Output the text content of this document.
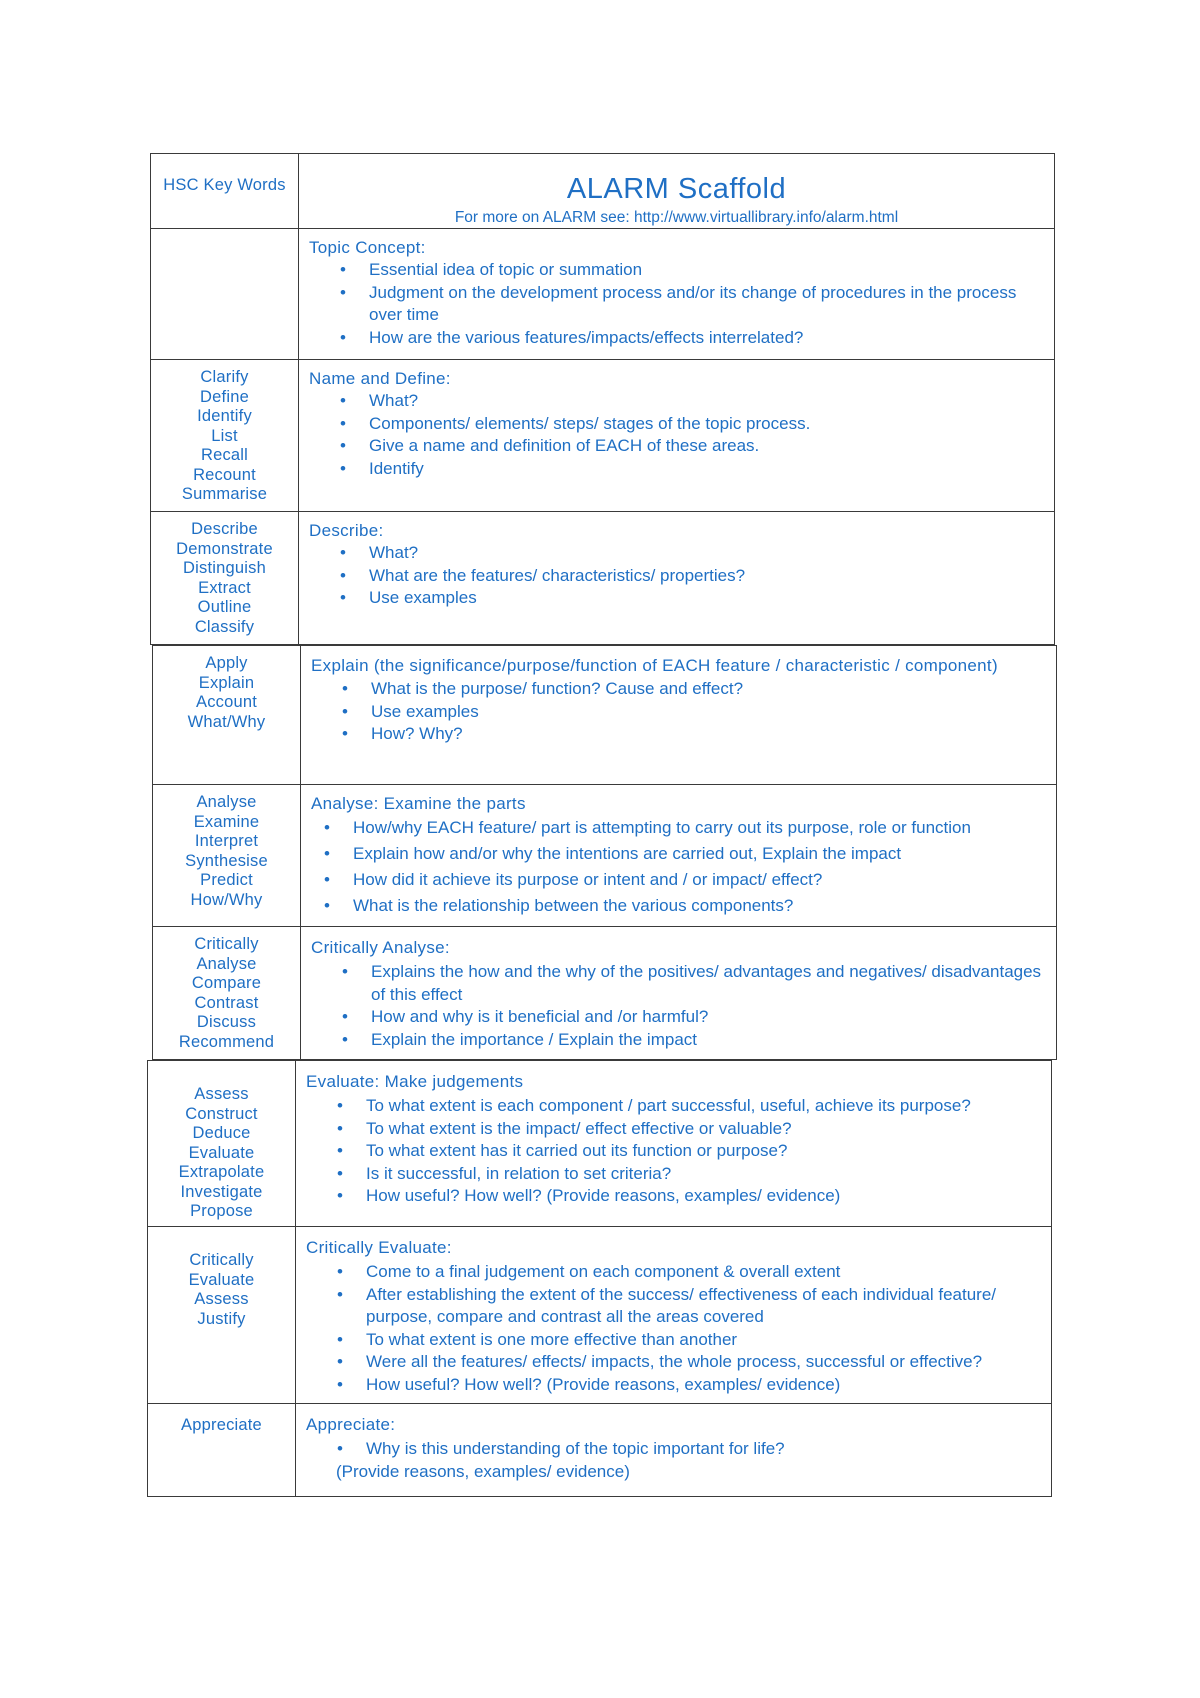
HSC Key Words	ALARM Scaffold
For more on ALARM see: http://www.virtuallibrary.info/alarm.html
Topic Concept:
• Essential idea of topic or summation
• Judgment on the development process and/or its change of procedures in the process over time
• How are the various features/impacts/effects interrelated?
Clarify
Define
Identify
List
Recall
Recount
Summarise
Name and Define:
• What?
• Components/ elements/ steps/ stages of the topic process.
• Give a name and definition of EACH of these areas.
• Identify
Describe
Demonstrate
Distinguish
Extract
Outline
Classify
Describe:
• What?
• What are the features/ characteristics/ properties?
• Use examples
Apply
Explain
Account
What/Why
Explain (the significance/purpose/function of EACH feature / characteristic / component)
• What is the purpose/ function? Cause and effect?
• Use examples
• How? Why?
Analyse
Examine
Interpret
Synthesise
Predict
How/Why
Analyse: Examine the parts
• How/why EACH feature/ part is attempting to carry out its purpose, role or function
• Explain how and/or why the intentions are carried out, Explain the impact
• How did it achieve its purpose or intent and / or impact/ effect?
• What is the relationship between the various components?
Critically
Analyse
Compare
Contrast
Discuss
Recommend
Critically Analyse:
• Explains the how and the why of the positives/ advantages and negatives/ disadvantages of this effect
• How and why is it beneficial and /or harmful?
• Explain the importance / Explain the impact
Assess
Construct
Deduce
Evaluate
Extrapolate
Investigate
Propose
Evaluate: Make judgements
• To what extent is each component / part successful, useful, achieve its purpose?
• To what extent is the impact/ effect effective or valuable?
• To what extent has it carried out its function or purpose?
• Is it successful, in relation to set criteria?
• How useful? How well? (Provide reasons, examples/ evidence)
Critically
Evaluate
Assess
Justify
Critically Evaluate:
• Come to a final judgement on each component & overall extent
• After establishing the extent of the success/ effectiveness of each individual feature/ purpose, compare and contrast all the areas covered
• To what extent is one more effective than another
• Were all the features/ effects/ impacts, the whole process, successful or effective?
• How useful? How well? (Provide reasons, examples/ evidence)
Appreciate	Appreciate:
• Why is this understanding of the topic important for life?
(Provide reasons, examples/ evidence)
